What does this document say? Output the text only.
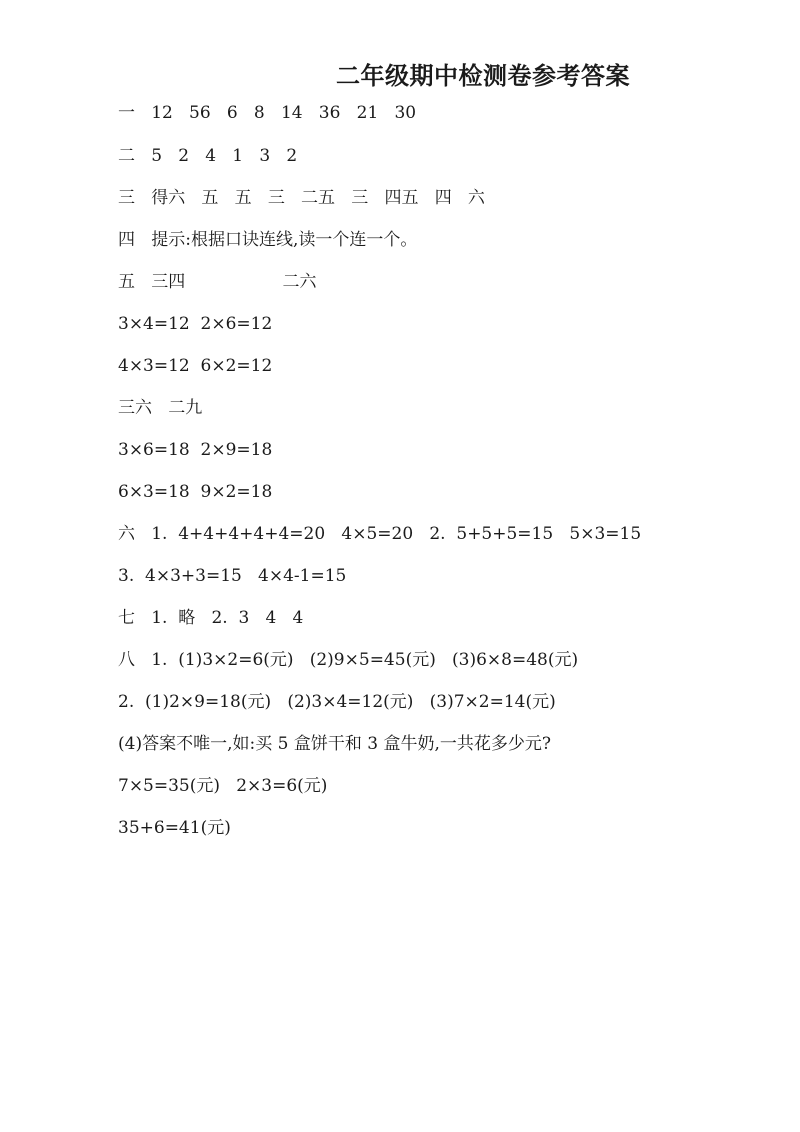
二年级期中检测卷参考答案
一   12   56   6   8   14   36   21   30
二   5   2   4   1   3   2
三   得六   五   五   三   二五   三   四五   四   六
四   提示:根据口诀连线,读一个连一个。
五   三四                  二六
3×4=12  2×6=12
4×3=12  6×2=12
三六   二九
3×6=18  2×9=18
6×3=18  9×2=18
六   1.  4+4+4+4+4=20   4×5=20   2.  5+5+5=15   5×3=15
3.  4×3+3=15   4×4-1=15
七   1.  略   2.  3   4   4
八   1.  (1)3×2=6(元)   (2)9×5=45(元)   (3)6×8=48(元)
2.  (1)2×9=18(元)   (2)3×4=12(元)   (3)7×2=14(元)
(4)答案不唯一,如:买 5 盒饼干和 3 盒牛奶,一共花多少元?
7×5=35(元)   2×3=6(元)
35+6=41(元)
